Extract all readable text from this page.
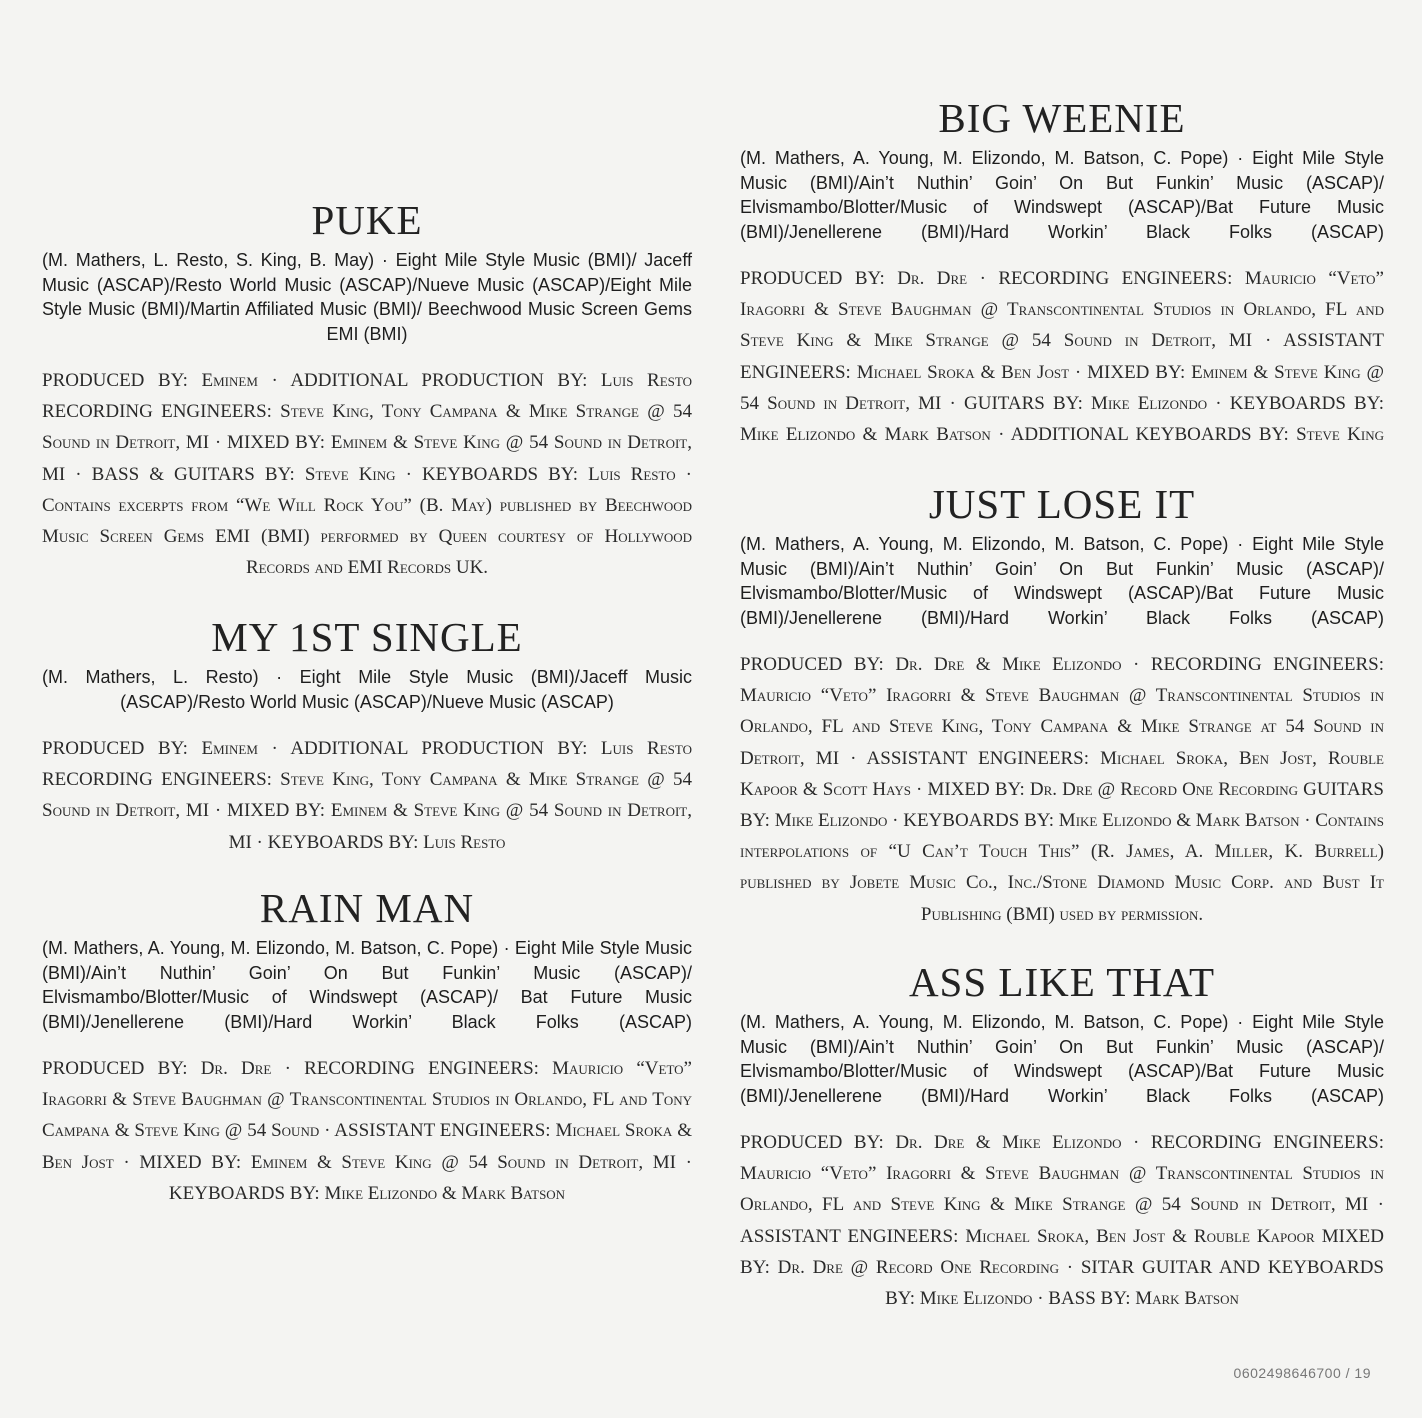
PUKE

(M. Mathers, L. Resto, S. King, B. May) · Eight Mile Style Music (BMI)/ Jaceff Music (ASCAP)/Resto World Music (ASCAP)/Nueve Music (ASCAP)/Eight Mile Style Music (BMI)/Martin Affiliated Music (BMI)/ Beechwood Music Screen Gems EMI (BMI)

PRODUCED BY: Eminem · ADDITIONAL PRODUCTION BY: Luis Resto RECORDING ENGINEERS: Steve King, Tony Campana & Mike Strange @ 54 Sound in Detroit, MI · MIXED BY: Eminem & Steve King @ 54 Sound in Detroit, MI · BASS & GUITARS BY: Steve King · KEYBOARDS BY: Luis Resto · Contains excerpts from “We Will Rock You” (B. May) published by Beechwood Music Screen Gems EMI (BMI) performed by Queen courtesy of Hollywood Records and EMI Records UK.

MY 1ST SINGLE

(M. Mathers, L. Resto) · Eight Mile Style Music (BMI)/Jaceff Music (ASCAP)/Resto World Music (ASCAP)/Nueve Music (ASCAP)

PRODUCED BY: Eminem · ADDITIONAL PRODUCTION BY: Luis Resto RECORDING ENGINEERS: Steve King, Tony Campana & Mike Strange @ 54 Sound in Detroit, MI · MIXED BY: Eminem & Steve King @ 54 Sound in Detroit, MI · KEYBOARDS BY: Luis Resto

RAIN MAN

(M. Mathers, A. Young, M. Elizondo, M. Batson, C. Pope) · Eight Mile Style Music (BMI)/Ain’t Nuthin’ Goin’ On But Funkin’ Music (ASCAP)/ Elvismambo/Blotter/Music of Windswept (ASCAP)/ Bat Future Music (BMI)/Jenellerene (BMI)/Hard Workin’ Black Folks (ASCAP)

PRODUCED BY: Dr. Dre · RECORDING ENGINEERS: Mauricio “Veto” Iragorri & Steve Baughman @ Transcontinental Studios in Orlando, FL and Tony Campana & Steve King @ 54 Sound · ASSISTANT ENGINEERS: Michael Sroka & Ben Jost · MIXED BY: Eminem & Steve King @ 54 Sound in Detroit, MI · KEYBOARDS BY: Mike Elizondo & Mark Batson

BIG WEENIE

(M. Mathers, A. Young, M. Elizondo, M. Batson, C. Pope) · Eight Mile Style Music (BMI)/Ain’t Nuthin’ Goin’ On But Funkin’ Music (ASCAP)/ Elvismambo/Blotter/Music of Windswept (ASCAP)/Bat Future Music (BMI)/Jenellerene (BMI)/Hard Workin’ Black Folks (ASCAP)

PRODUCED BY: Dr. Dre · RECORDING ENGINEERS: Mauricio “Veto” Iragorri & Steve Baughman @ Transcontinental Studios in Orlando, FL and Steve King & Mike Strange @ 54 Sound in Detroit, MI · ASSISTANT ENGINEERS: Michael Sroka & Ben Jost · MIXED BY: Eminem & Steve King @ 54 Sound in Detroit, MI · GUITARS BY: Mike Elizondo · KEYBOARDS BY: Mike Elizondo & Mark Batson · ADDITIONAL KEYBOARDS BY: Steve King

JUST LOSE IT

(M. Mathers, A. Young, M. Elizondo, M. Batson, C. Pope) · Eight Mile Style Music (BMI)/Ain’t Nuthin’ Goin’ On But Funkin’ Music (ASCAP)/ Elvismambo/Blotter/Music of Windswept (ASCAP)/Bat Future Music (BMI)/Jenellerene (BMI)/Hard Workin’ Black Folks (ASCAP)

PRODUCED BY: Dr. Dre & Mike Elizondo · RECORDING ENGINEERS: Mauricio “Veto” Iragorri & Steve Baughman @ Transcontinental Studios in Orlando, FL and Steve King, Tony Campana & Mike Strange at 54 Sound in Detroit, MI · ASSISTANT ENGINEERS: Michael Sroka, Ben Jost, Rouble Kapoor & Scott Hays · MIXED BY: Dr. Dre @ Record One Recording GUITARS BY: Mike Elizondo · KEYBOARDS BY: Mike Elizondo & Mark Batson · Contains interpolations of “U Can’t Touch This” (R. James, A. Miller, K. Burrell) published by Jobete Music Co., Inc./Stone Diamond Music Corp. and Bust It Publishing (BMI) used by permission.

ASS LIKE THAT

(M. Mathers, A. Young, M. Elizondo, M. Batson, C. Pope) · Eight Mile Style Music (BMI)/Ain’t Nuthin’ Goin’ On But Funkin’ Music (ASCAP)/ Elvismambo/Blotter/Music of Windswept (ASCAP)/Bat Future Music (BMI)/Jenellerene (BMI)/Hard Workin’ Black Folks (ASCAP)

PRODUCED BY: Dr. Dre & Mike Elizondo · RECORDING ENGINEERS: Mauricio “Veto” Iragorri & Steve Baughman @ Transcontinental Studios in Orlando, FL and Steve King & Mike Strange @ 54 Sound in Detroit, MI · ASSISTANT ENGINEERS: Michael Sroka, Ben Jost & Rouble Kapoor MIXED BY: Dr. Dre @ Record One Recording · SITAR GUITAR AND KEYBOARDS BY: Mike Elizondo · BASS BY: Mark Batson

0602498646700 / 19
